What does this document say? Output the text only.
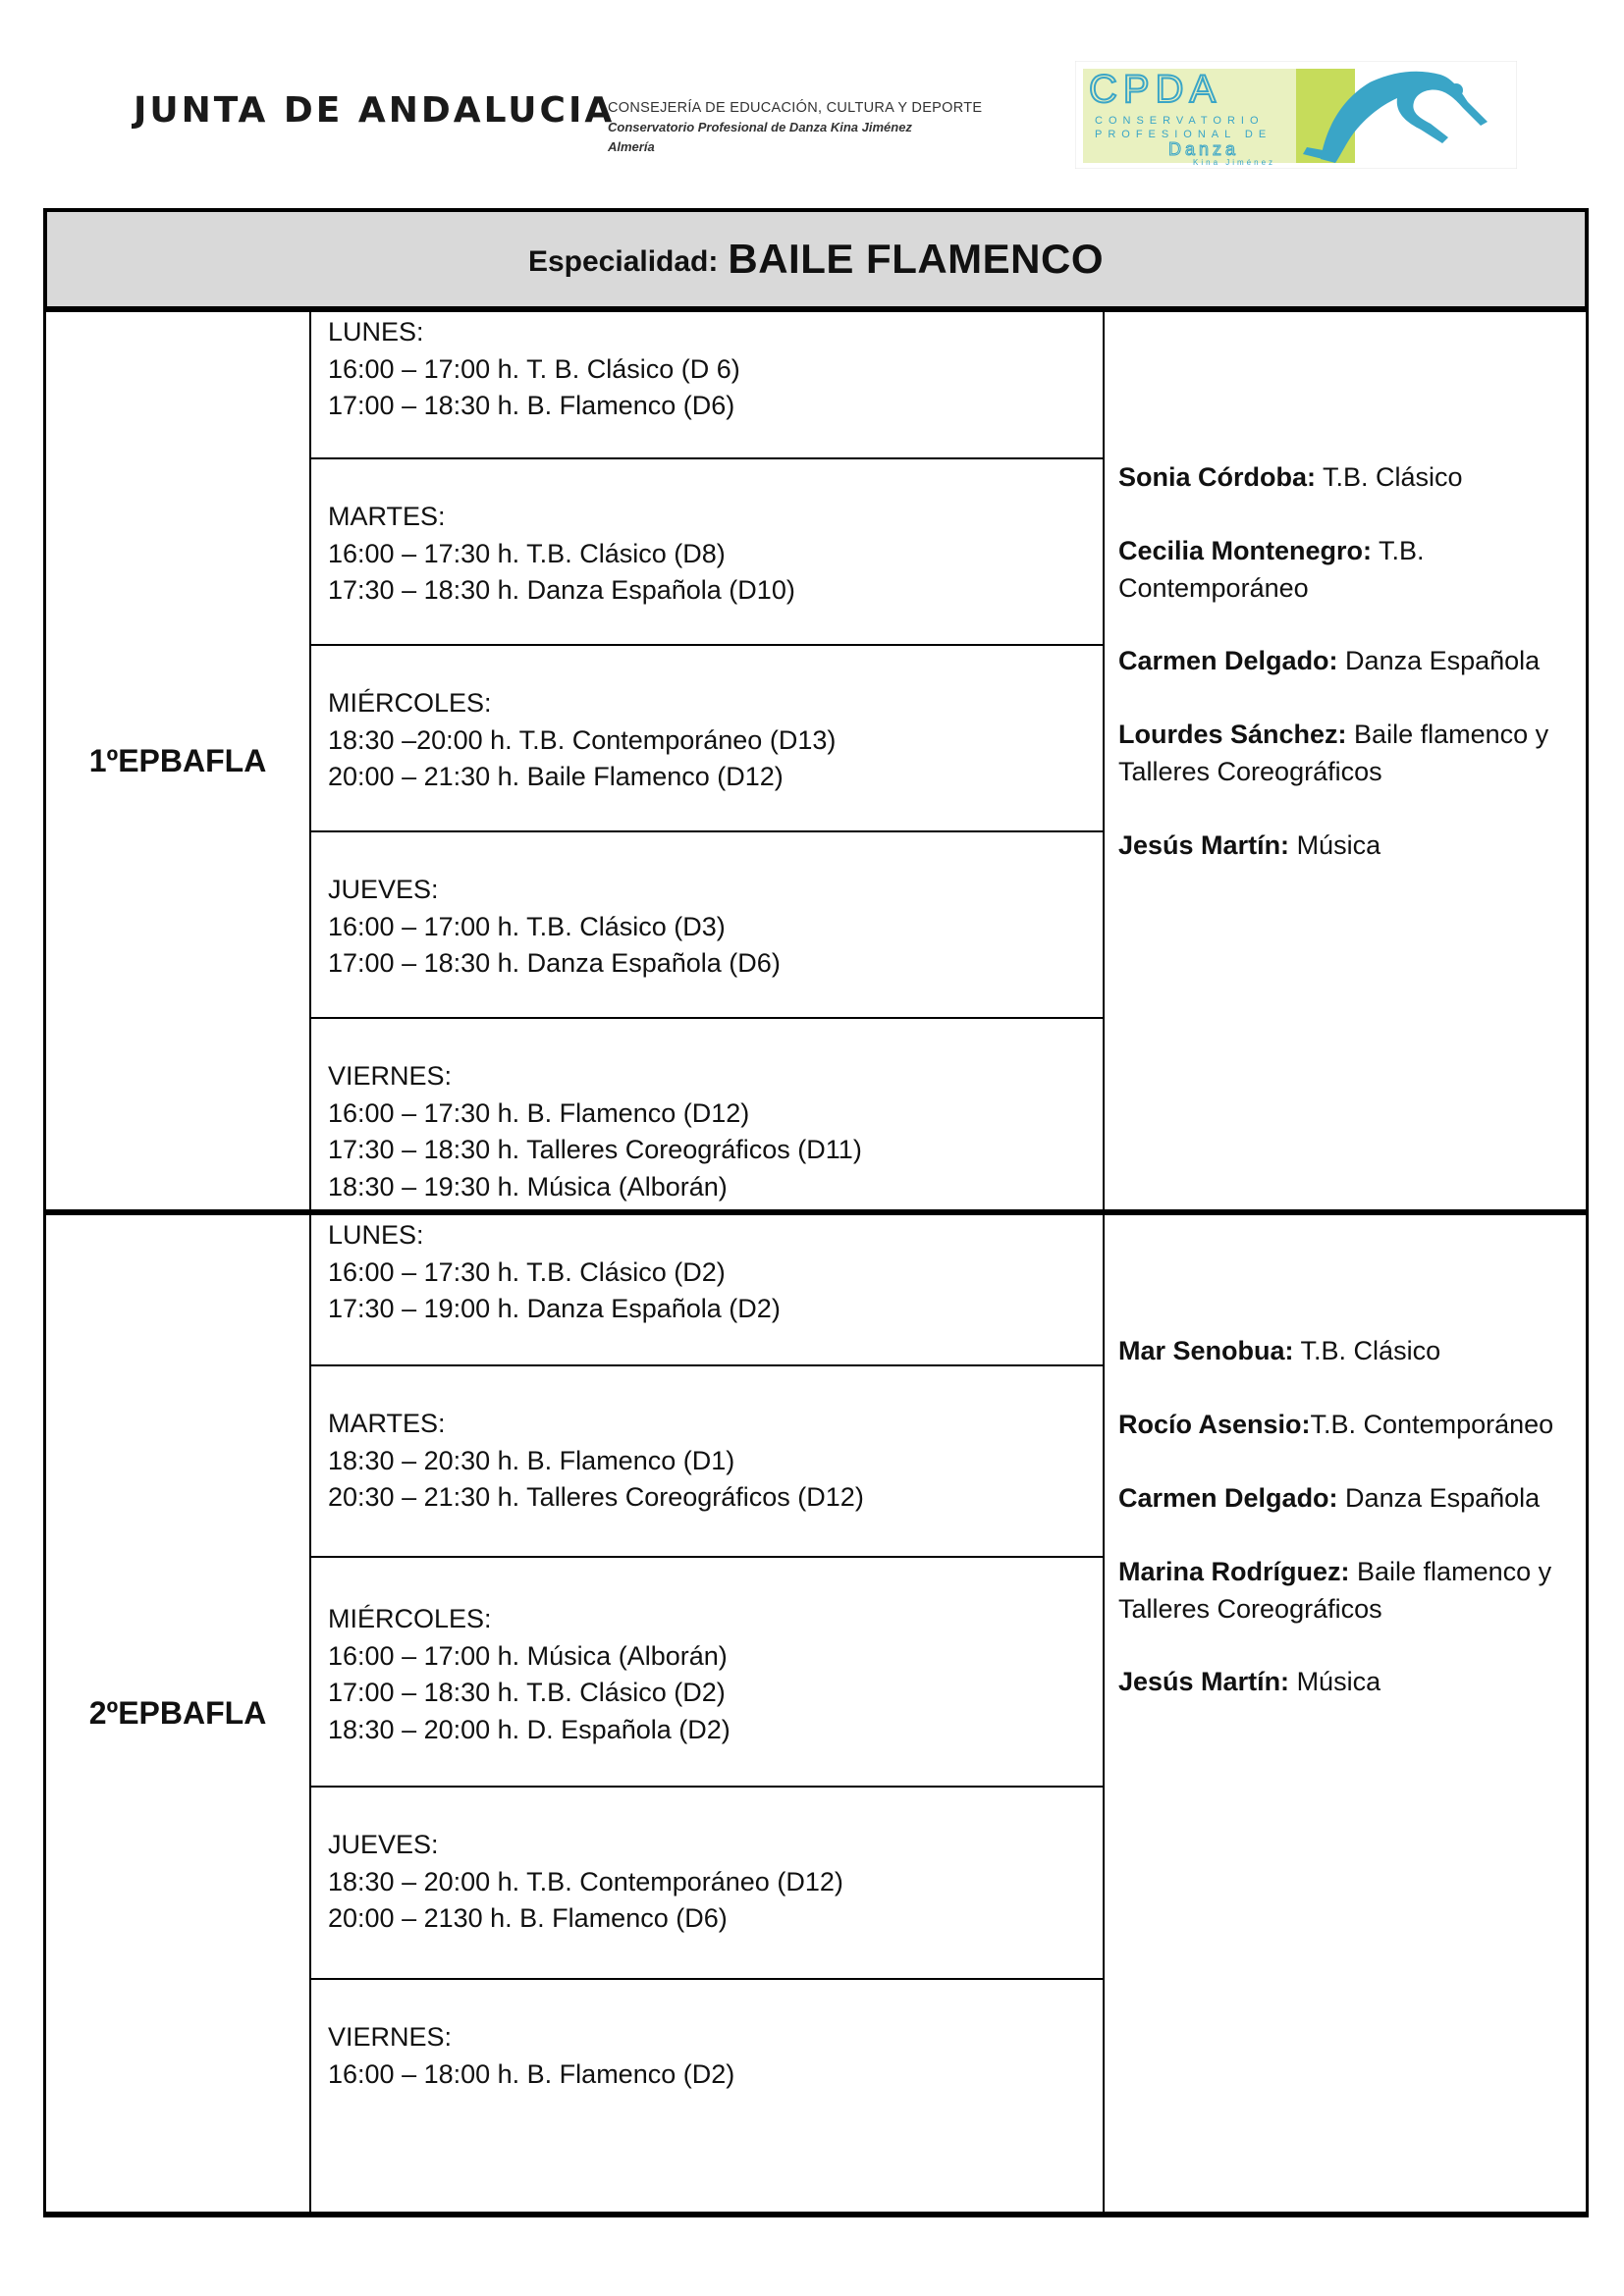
JUNTA DE ANDALUCIA
CONSEJERÍA DE EDUCACIÓN, CULTURA Y DEPORTE
Conservatorio Profesional de Danza Kina Jiménez
Almería
CPDA
CONSERVATORIO
PROFESIONAL DE
Danza
Kina Jiménez
Especialidad: BAILE FLAMENCO
1ºEPBAFLA
LUNES:
16:00 – 17:00 h. T. B. Clásico (D 6)
17:00 – 18:30 h. B. Flamenco (D6)
MARTES:
16:00 – 17:30 h. T.B. Clásico (D8)
17:30 – 18:30 h. Danza Española (D10)
MIÉRCOLES:
18:30 –20:00 h. T.B. Contemporáneo (D13)
20:00 – 21:30 h. Baile Flamenco (D12)
JUEVES:
16:00 – 17:00 h. T.B. Clásico (D3)
17:00 – 18:30 h. Danza Española (D6)
VIERNES:
16:00 – 17:30 h. B. Flamenco (D12)
17:30 – 18:30 h. Talleres Coreográficos (D11)
18:30 – 19:30 h. Música (Alborán)
Sonia Córdoba: T.B. Clásico
Cecilia Montenegro: T.B. Contemporáneo
Carmen Delgado: Danza Española
Lourdes Sánchez: Baile flamenco y Talleres Coreográficos
Jesús Martín: Música
2ºEPBAFLA
LUNES:
16:00 – 17:30 h. T.B. Clásico (D2)
17:30 – 19:00 h. Danza Española (D2)
MARTES:
18:30 – 20:30 h. B. Flamenco (D1)
20:30 – 21:30 h. Talleres Coreográficos (D12)
MIÉRCOLES:
16:00 – 17:00 h. Música (Alborán)
17:00 – 18:30 h. T.B. Clásico (D2)
18:30 – 20:00 h. D. Española (D2)
JUEVES:
18:30 – 20:00 h. T.B. Contemporáneo (D12)
20:00 – 2130 h. B. Flamenco (D6)
VIERNES:
16:00 – 18:00 h. B. Flamenco (D2)
Mar Senobua: T.B. Clásico
Rocío Asensio:T.B. Contemporáneo
Carmen Delgado: Danza Española
Marina Rodríguez: Baile flamenco y Talleres Coreográficos
Jesús Martín: Música
